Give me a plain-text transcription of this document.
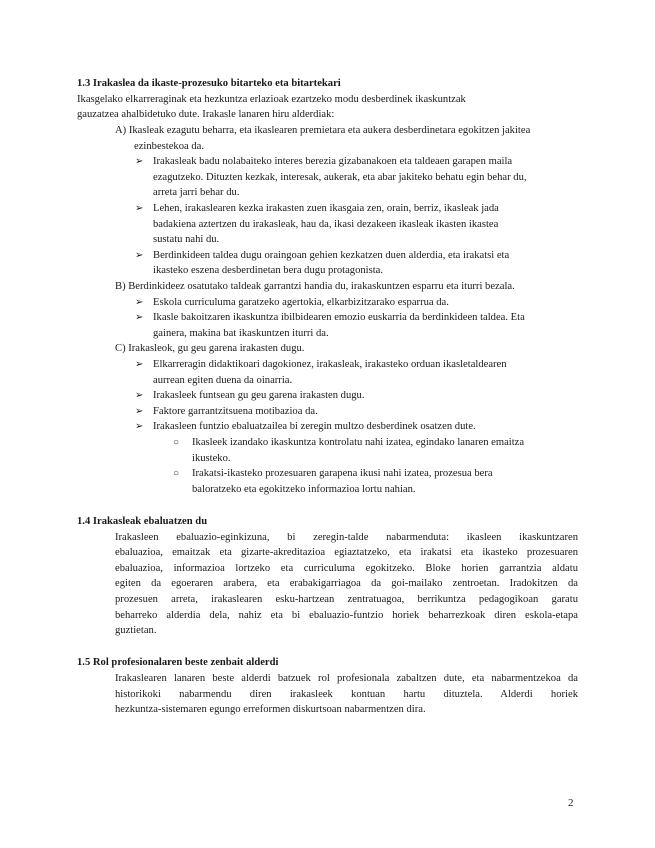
1.3 Irakaslea da ikaste-prozesuko bitarteko eta bitartekari
Ikasgelako elkarreraginak eta hezkuntza erlazioak ezartzeko modu desberdinek ikaskuntzak
gauzatzea ahalbidetuko dute. Irakasle lanaren hiru alderdiak:
A) Ikasleak ezagutu beharra, eta ikaslearen premietara eta aukera desberdinetara egokitzen jakitea
ezinbestekoa da.
➢ Irakasleak badu nolabaiteko interes berezia gizabanakoen eta taldeaen garapen maila
ezagutzeko. Dituzten kezkak, interesak, aukerak, eta abar jakiteko behatu egin behar du,
arreta jarri behar du.
➢ Lehen, irakaslearen kezka irakasten zuen ikasgaia zen, orain, berriz, ikasleak jada
badakiena aztertzen du irakasleak, hau da, ikasi dezakeen ikasleak ikasten ikastea
sustatu nahi du.
➢ Berdinkideen taldea dugu oraingoan gehien kezkatzen duen alderdia, eta irakatsi eta
ikasteko eszena desberdinetan bera dugu protagonista.
B) Berdinkideez osatutako taldeak garrantzi handia du, irakaskuntzen esparru eta iturri bezala.
➢ Eskola curriculuma garatzeko agertokia, elkarbizitzarako esparrua da.
➢ Ikasle bakoitzaren ikaskuntza ibilbidearen emozio euskarria da berdinkideen taldea. Eta
gainera, makina bat ikaskuntzen iturri da.
C) Irakasleok, gu geu garena irakasten dugu.
➢ Elkarreragin didaktikoari dagokionez, irakasleak, irakasteko orduan ikasletaldearen
aurrean egiten duena da oinarria.
➢ Irakasleek funtsean gu geu garena irakasten dugu.
➢ Faktore garrantzitsuena motibazioa da.
➢ Irakasleen funtzio ebaluatzailea bi zeregin multzo desberdinek osatzen dute.
○ Ikasleek izandako ikaskuntza kontrolatu nahi izatea, egindako lanaren emaitza
ikusteko.
○ Irakatsi-ikasteko prozesuaren garapena ikusi nahi izatea, prozesua bera
baloratzeko eta egokitzeko informazioa lortu nahian.
1.4 Irakasleak ebaluatzen du
Irakasleen ebaluazio-eginkizuna, bi zeregin-talde nabarmenduta: ikasleen ikaskuntzaren
ebaluazioa, emaitzak eta gizarte-akreditazioa egiaztatzeko, eta irakatsi eta ikasteko prozesuaren
ebaluazioa, informazioa lortzeko eta curriculuma egokitzeko. Bloke horien garrantzia aldatu
egiten da egoeraren arabera, eta erabakigarriagoa da goi-mailako zentroetan. Iradokitzen da
prozesuen arreta, irakaslearen esku-hartzean zentratuagoa, berrikuntza pedagogikoan garatu
beharreko alderdia dela, nahiz eta bi ebaluazio-funtzio horiek beharrezkoak diren eskola-etapa
guztietan.
1.5 Rol profesionalaren beste zenbait alderdi
Irakaslearen lanaren beste alderdi batzuek rol profesionala zabaltzen dute, eta nabarmentzekoa da
historikoki nabarmendu diren irakasleek kontuan hartu dituztela. Alderdi horiek
hezkuntza-sistemaren egungo erreformen diskurtsoan nabarmentzen dira.
2
